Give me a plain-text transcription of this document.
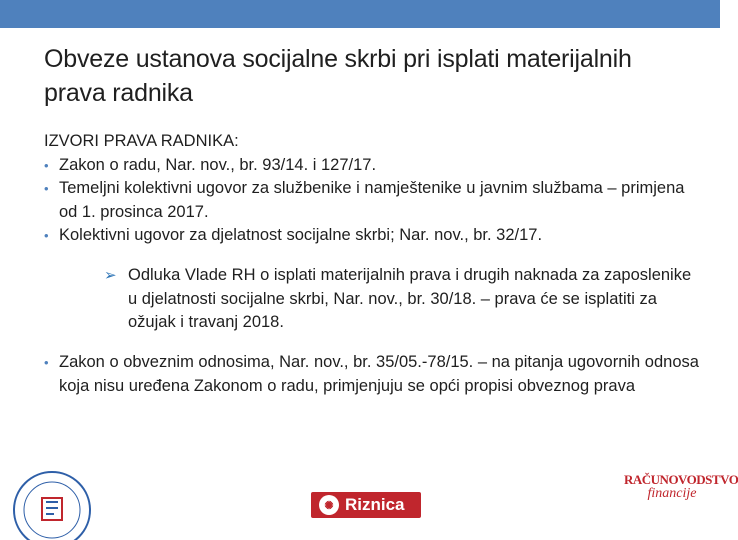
Obveze ustanova socijalne skrbi pri isplati materijalnih prava radnika

IZVORI PRAVA RADNIKA:

• Zakon o radu, Nar. nov., br. 93/14. i 127/17.

• Temeljni kolektivni ugovor za službenike i namještenike u javnim službama – primjena od 1. prosinca 2017.

• Kolektivni ugovor za djelatnost socijalne skrbi; Nar. nov., br. 32/17.

➢ Odluka Vlade RH o isplati materijalnih prava i drugih naknada za zaposlenike u djelatnosti socijalne skrbi, Nar. nov., br. 30/18. – prava će se isplatiti za ožujak i travanj 2018.

• Zakon o obveznim odnosima, Nar. nov., br. 35/05.-78/15. – na pitanja ugovornih odnosa koja nisu uređena Zakonom o radu, primjenjuju se opći propisi obveznog prava

✺ Riznica
RAČUNOVODSTVO
financije
